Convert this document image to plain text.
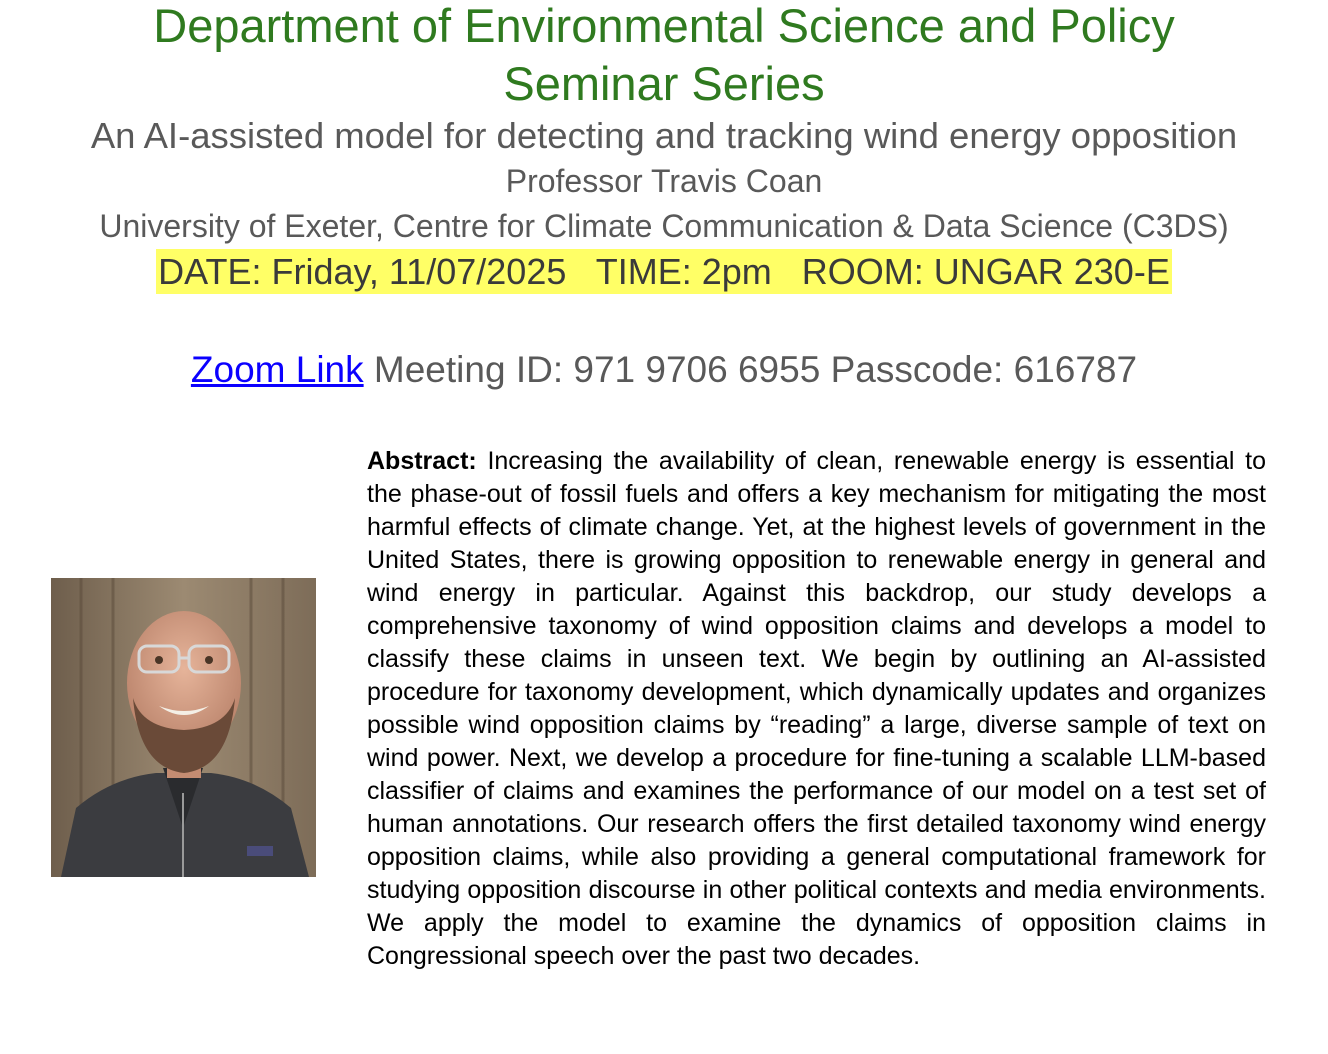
Department of Environmental Science and Policy
Seminar Series

An AI-assisted model for detecting and tracking wind energy opposition

Professor Travis Coan

University of Exeter, Centre for Climate Communication & Data Science (C3DS)

DATE: Friday, 11/07/2025   TIME: 2pm   ROOM: UNGAR 230-E

Zoom Link Meeting ID: 971 9706 6955 Passcode: 616787

Abstract: Increasing the availability of clean, renewable energy is essential to the phase-out of fossil fuels and offers a key mechanism for mitigating the most harmful effects of climate change. Yet, at the highest levels of government in the United States, there is growing opposition to renewable energy in general and wind energy in particular. Against this backdrop, our study develops a comprehensive taxonomy of wind opposition claims and develops a model to classify these claims in unseen text. We begin by outlining an AI-assisted procedure for taxonomy development, which dynamically updates and organizes possible wind opposition claims by “reading” a large, diverse sample of text on wind power. Next, we develop a procedure for fine-tuning a scalable LLM-based classifier of claims and examines the performance of our model on a test set of human annotations. Our research offers the first detailed taxonomy wind energy opposition claims, while also providing a general computational framework for studying opposition discourse in other political contexts and media environments. We apply the model to examine the dynamics of opposition claims in Congressional speech over the past two decades.
